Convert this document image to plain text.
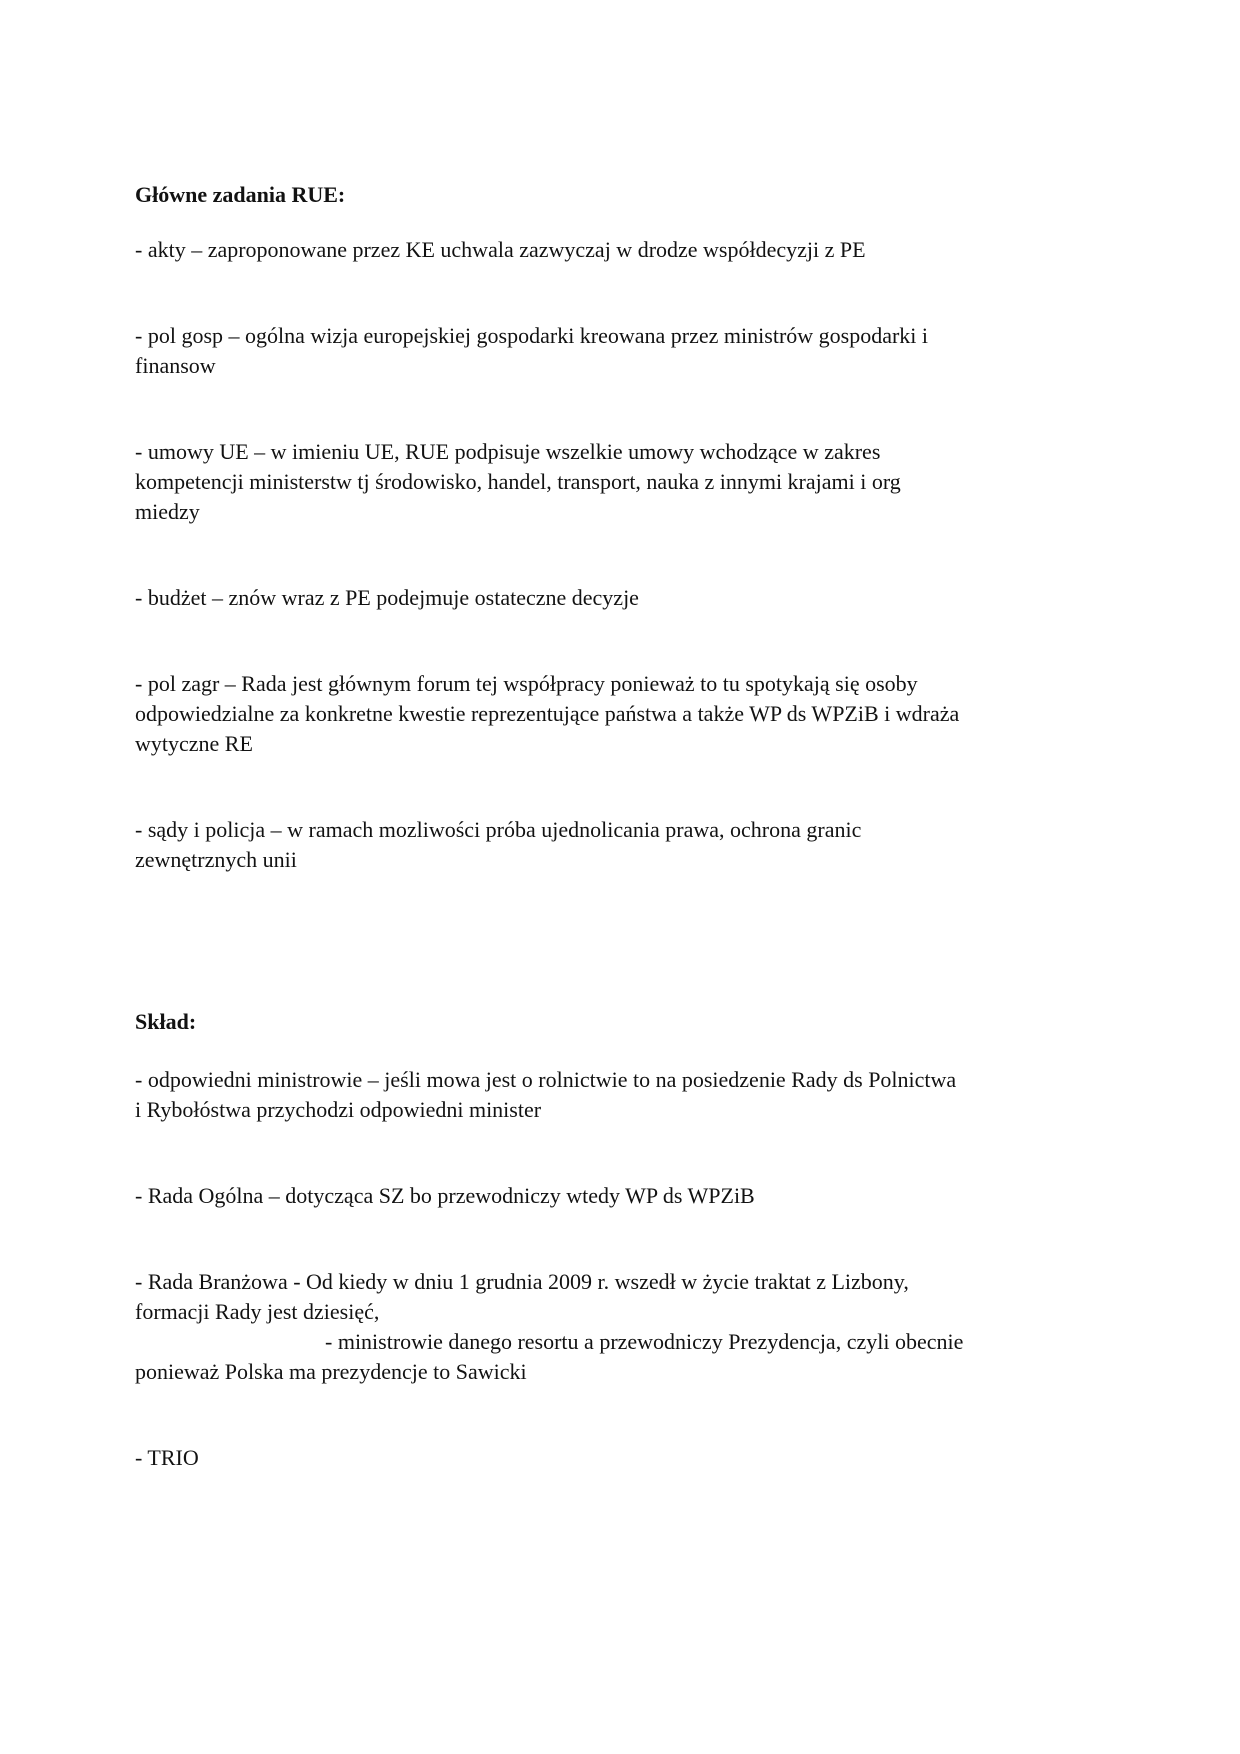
Główne zadania RUE:
- akty – zaproponowane przez KE uchwala zazwyczaj w drodze współdecyzji z PE
- pol gosp – ogólna wizja europejskiej gospodarki kreowana przez ministrów gospodarki i
finansow
- umowy UE – w imieniu UE, RUE podpisuje wszelkie umowy wchodzące w zakres
kompetencji ministerstw tj środowisko, handel, transport, nauka z innymi krajami i org
miedzy
- budżet – znów wraz z PE podejmuje ostateczne decyzje
- pol zagr – Rada jest głównym forum tej współpracy ponieważ to tu spotykają się osoby
odpowiedzialne za konkretne kwestie reprezentujące państwa a także WP ds WPZiB i wdraża
wytyczne RE
- sądy i policja – w ramach mozliwości próba ujednolicania prawa, ochrona granic
zewnętrznych unii
Skład:
- odpowiedni ministrowie – jeśli mowa jest o rolnictwie to na posiedzenie Rady ds Polnictwa
i Rybołóstwa przychodzi odpowiedni minister
- Rada Ogólna – dotycząca SZ bo przewodniczy wtedy WP ds WPZiB
- Rada Branżowa - Od kiedy w dniu 1 grudnia 2009 r. wszedł w życie traktat z Lizbony,
formacji Rady jest dziesięć,
- ministrowie danego resortu a przewodniczy Prezydencja, czyli obecnie
ponieważ Polska ma prezydencje to Sawicki
- TRIO
